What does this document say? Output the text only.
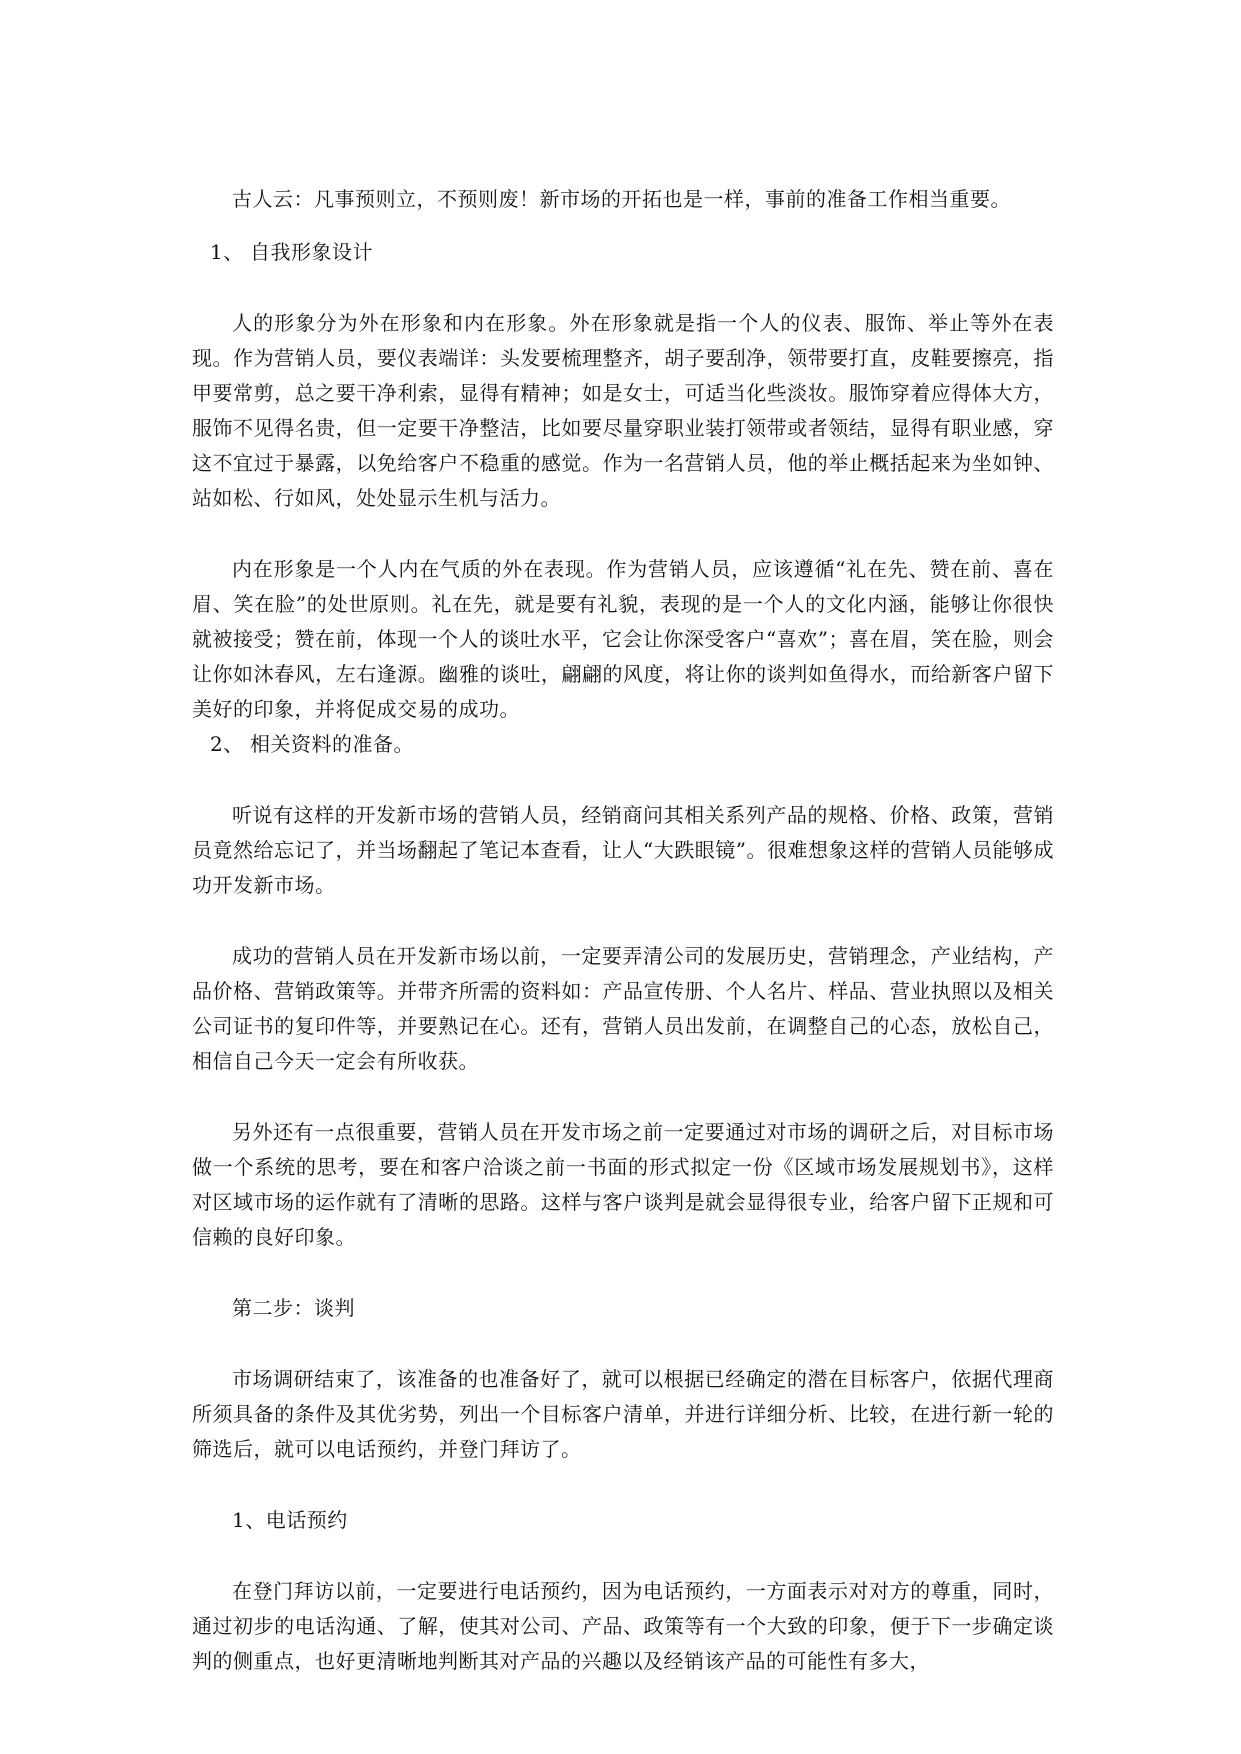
古人云：凡事预则立，不预则废！新市场的开拓也是一样，事前的准备工作相当重要。

1、 自我形象设计

人的形象分为外在形象和内在形象。外在形象就是指一个人的仪表、服饰、举止等外在表现。作为营销人员，要仪表端详：头发要梳理整齐，胡子要刮净，领带要打直，皮鞋要擦亮，指甲要常剪，总之要干净利索，显得有精神；如是女士，可适当化些淡妆。服饰穿着应得体大方，服饰不见得名贵，但一定要干净整洁，比如要尽量穿职业装打领带或者领结，显得有职业感，穿这不宜过于暴露，以免给客户不稳重的感觉。作为一名营销人员，他的举止概括起来为坐如钟、站如松、行如风，处处显示生机与活力。

内在形象是一个人内在气质的外在表现。作为营销人员，应该遵循“礼在先、赞在前、喜在眉、笑在脸”的处世原则。礼在先，就是要有礼貌，表现的是一个人的文化内涵，能够让你很快就被接受；赞在前，体现一个人的谈吐水平，它会让你深受客户“喜欢”；喜在眉，笑在脸，则会让你如沐春风，左右逢源。幽雅的谈吐，翩翩的风度，将让你的谈判如鱼得水，而给新客户留下美好的印象，并将促成交易的成功。

2、 相关资料的准备。

听说有这样的开发新市场的营销人员，经销商问其相关系列产品的规格、价格、政策，营销员竟然给忘记了，并当场翻起了笔记本查看，让人“大跌眼镜”。很难想象这样的营销人员能够成功开发新市场。

成功的营销人员在开发新市场以前，一定要弄清公司的发展历史，营销理念，产业结构，产品价格、营销政策等。并带齐所需的资料如：产品宣传册、个人名片、样品、营业执照以及相关公司证书的复印件等，并要熟记在心。还有，营销人员出发前，在调整自己的心态，放松自己，相信自己今天一定会有所收获。

另外还有一点很重要，营销人员在开发市场之前一定要通过对市场的调研之后，对目标市场做一个系统的思考，要在和客户洽谈之前一书面的形式拟定一份《区域市场发展规划书》，这样对区域市场的运作就有了清晰的思路。这样与客户谈判是就会显得很专业，给客户留下正规和可信赖的良好印象。

第二步：谈判

市场调研结束了，该准备的也准备好了，就可以根据已经确定的潜在目标客户，依据代理商所须具备的条件及其优劣势，列出一个目标客户清单，并进行详细分析、比较，在进行新一轮的筛选后，就可以电话预约，并登门拜访了。

1、电话预约

在登门拜访以前，一定要进行电话预约，因为电话预约，一方面表示对对方的尊重，同时，通过初步的电话沟通、了解，使其对公司、产品、政策等有一个大致的印象，便于下一步确定谈判的侧重点，也好更清晰地判断其对产品的兴趣以及经销该产品的可能性有多大，
